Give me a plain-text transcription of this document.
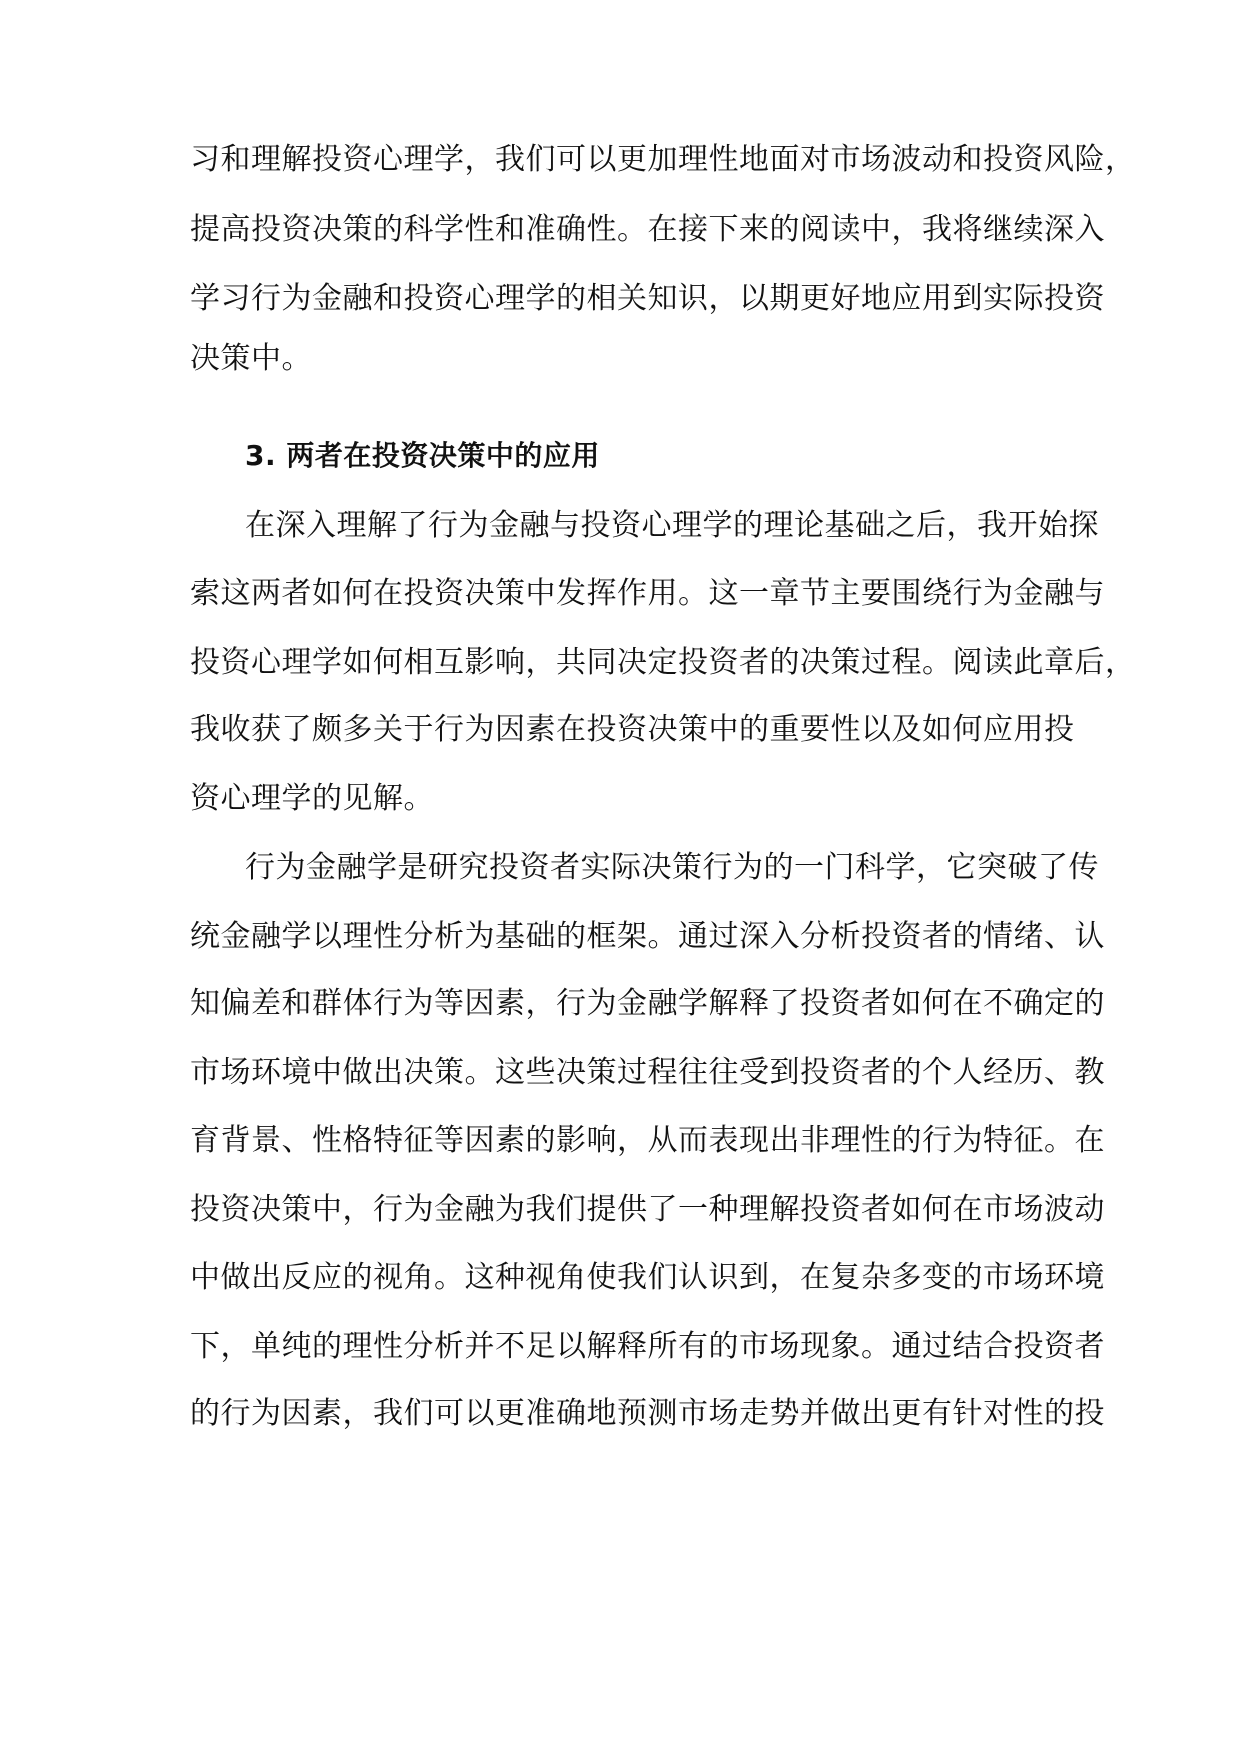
习和理解投资心理学，我们可以更加理性地面对市场波动和投资风险，
提高投资决策的科学性和准确性。在接下来的阅读中，我将继续深入
学习行为金融和投资心理学的相关知识，以期更好地应用到实际投资
决策中。
3. 两者在投资决策中的应用
在深入理解了行为金融与投资心理学的理论基础之后，我开始探
索这两者如何在投资决策中发挥作用。这一章节主要围绕行为金融与
投资心理学如何相互影响，共同决定投资者的决策过程。阅读此章后，
我收获了颇多关于行为因素在投资决策中的重要性以及如何应用投
资心理学的见解。
行为金融学是研究投资者实际决策行为的一门科学，它突破了传
统金融学以理性分析为基础的框架。通过深入分析投资者的情绪、认
知偏差和群体行为等因素，行为金融学解释了投资者如何在不确定的
市场环境中做出决策。这些决策过程往往受到投资者的个人经历、教
育背景、性格特征等因素的影响，从而表现出非理性的行为特征。在
投资决策中，行为金融为我们提供了一种理解投资者如何在市场波动
中做出反应的视角。这种视角使我们认识到，在复杂多变的市场环境
下，单纯的理性分析并不足以解释所有的市场现象。通过结合投资者
的行为因素，我们可以更准确地预测市场走势并做出更有针对性的投
